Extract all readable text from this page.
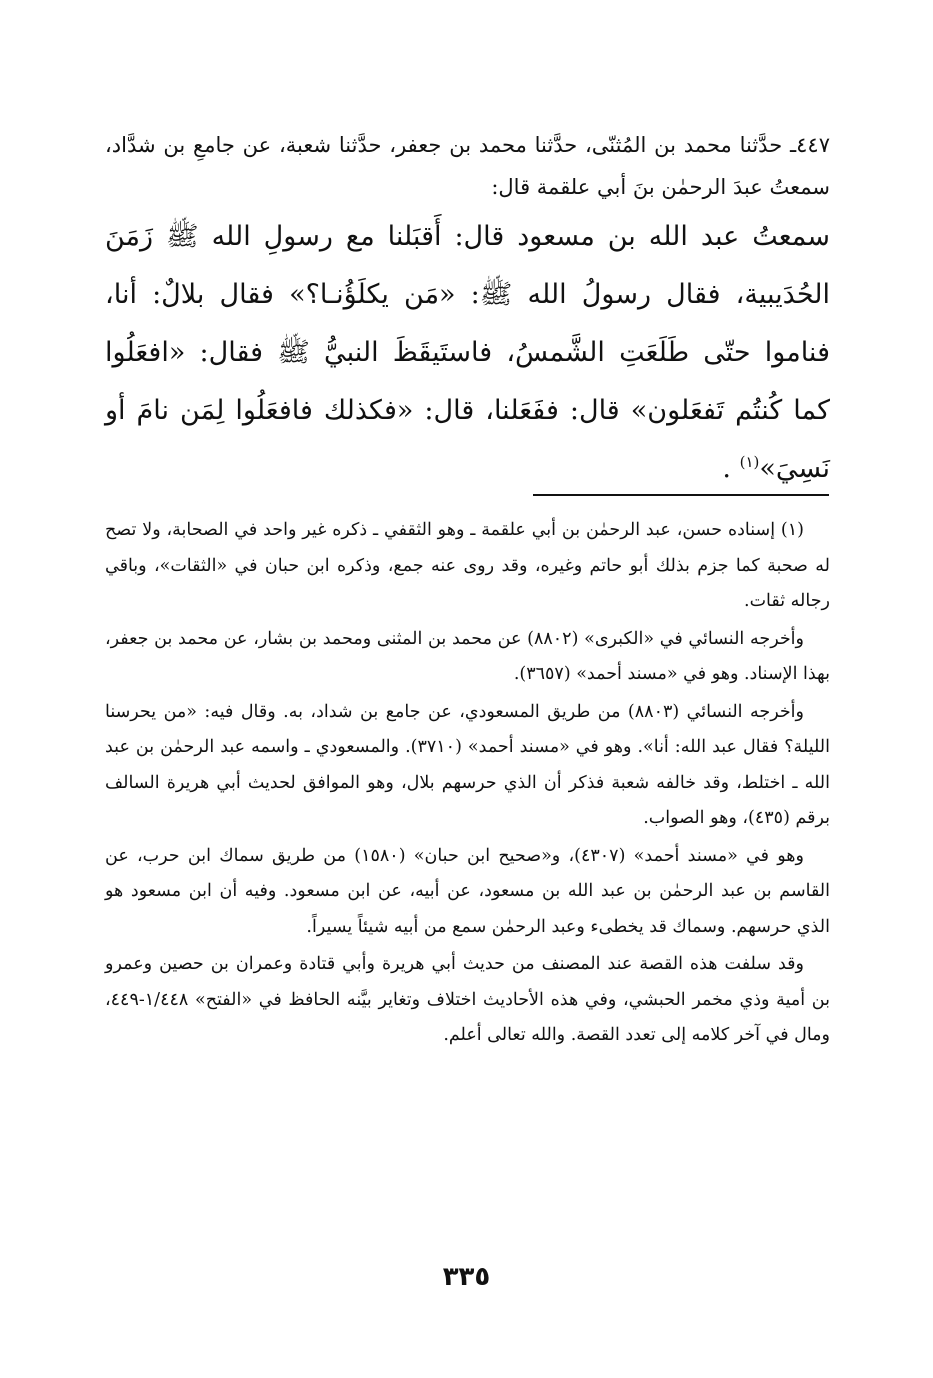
٤٤٧ـ حدَّثنا محمد بن المُثنّى، حدَّثنا محمد بن جعفر، حدَّثنا شعبة، عن جامعِ بن شدَّاد، سمعتُ عبدَ الرحمٰن بنَ أبي علقمة قال:
سمعتُ عبد الله بن مسعود قال: أَقبَلنا مع رسولِ الله ﷺ زَمَنَ الحُدَيبية، فقال رسولُ الله ﷺ: «مَن يكلَؤُنـا؟» فقال بلالٌ: أنا، فناموا حتّى طَلَعَتِ الشَّمسُ، فاستَيقَظَ النبيُّ ﷺ فقال: «افعَلُوا كما كُنتُم تَفعَلون» قال: ففَعَلنا، قال: «فكذلك فافعَلُوا لِمَن نامَ أو نَسِيَ»$^{(١)}$ .

(١) إسناده حسن، عبد الرحمٰن بن أبي علقمة ـ وهو الثقفي ـ ذكره غير واحد في الصحابة، ولا تصح له صحبة كما جزم بذلك أبو حاتم وغيره، وقد روى عنه جمع، وذكره ابن حبان في «الثقات»، وباقي رجاله ثقات.

وأخرجه النسائي في «الكبرى» (٨٨٠٢) عن محمد بن المثنى ومحمد بن بشار، عن محمد بن جعفر، بهذا الإسناد. وهو في «مسند أحمد» (٣٦٥٧).

وأخرجه النسائي (٨٨٠٣) من طريق المسعودي، عن جامع بن شداد، به. وقال فيه: «من يحرسنا الليلة؟ فقال عبد الله: أنا». وهو في «مسند أحمد» (٣٧١٠). والمسعودي ـ واسمه عبد الرحمٰن بن عبد الله ـ اختلط، وقد خالفه شعبة فذكر أن الذي حرسهم بلال، وهو الموافق لحديث أبي هريرة السالف برقم (٤٣٥)، وهو الصواب.

وهو في «مسند أحمد» (٤٣٠٧)، و«صحيح ابن حبان» (١٥٨٠) من طريق سماك ابن حرب، عن القاسم بن عبد الرحمٰن بن عبد الله بن مسعود، عن أبيه، عن ابن مسعود. وفيه أن ابن مسعود هو الذي حرسهم. وسماك قد يخطىء وعبد الرحمٰن سمع من أبيه شيئاً يسيراً.

وقد سلفت هذه القصة عند المصنف من حديث أبي هريرة وأبي قتادة وعمران بن حصين وعمرو بن أمية وذي مخمر الحبشي، وفي هذه الأحاديث اختلاف وتغاير بيَّنه الحافظ في «الفتح» ١/٤٤٨-٤٤٩، ومال في آخر كلامه إلى تعدد القصة. والله تعالى أعلم.

٣٣٥
